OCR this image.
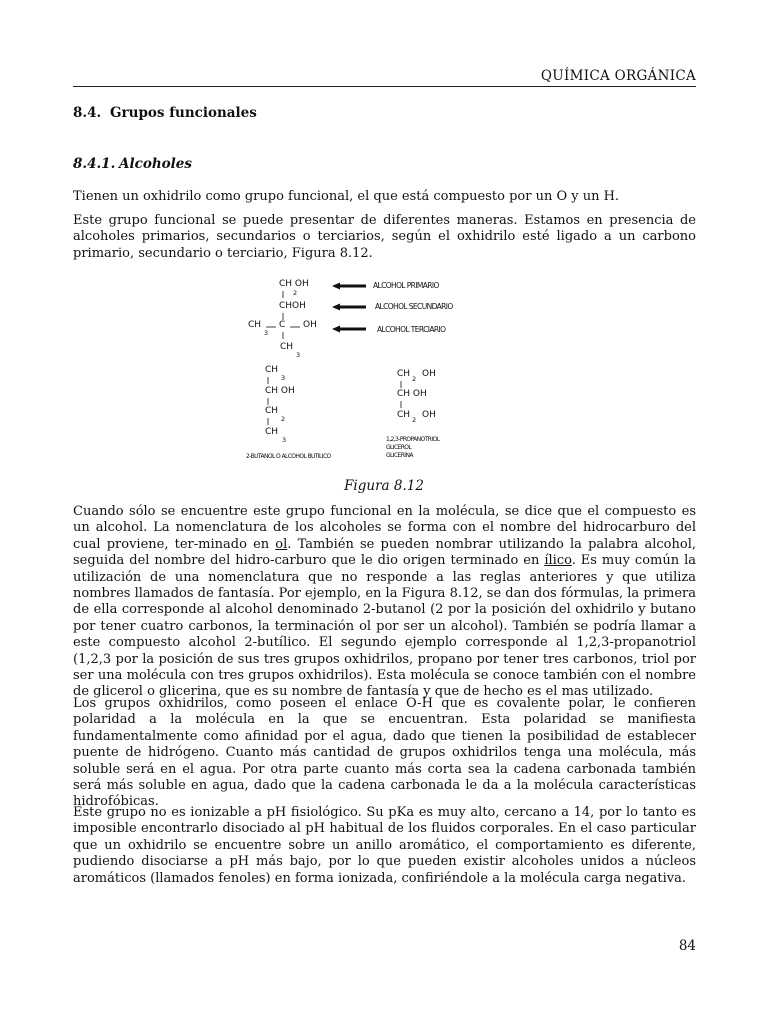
QUÍMICA ORGÁNICA
8.4. Grupos funcionales
8.4.1. Alcoholes

Tienen un oxhidrilo como grupo funcional, el que está compuesto por un O y un H.

Este grupo funcional se puede presentar de diferentes maneras. Estamos en presencia de alcoholes primarios, secundarios o terciarios, según el oxhidrilo esté ligado a un carbono primario, secundario o terciario, Figura 8.12.

CH OH
2
CHOH
CH
3
C OH
CH
3
ALCOHOL PRIMARIO
ALCOHOL SECUNDARIO
ALCOHOL TERCIARIO
CH
3
CH OH
CH
2
CH
3
2-BUTANOL O ALCOHOL BUTILICO
CH 2 OH
CH OH
CH 2 OH
1,2,3-PROPANOTRIOL
GLICEROL
GLICERINA
Figura 8.12

Cuando sólo se encuentre este grupo funcional en la molécula, se dice que el compuesto es un alcohol. La nomenclatura de los alcoholes se forma con el nombre del hidrocarburo del cual proviene, ter-minado en ol. También se pueden nombrar utilizando la palabra alcohol, seguida del nombre del hidro-carburo que le dio origen terminado en ílico. Es muy común la utilización de una nomenclatura que no responde a las reglas anteriores y que utiliza nombres llamados de fantasía. Por ejemplo, en la Figura 8.12, se dan dos fórmulas, la primera de ella corresponde al alcohol denominado 2-butanol (2 por la posición del oxhidrilo y butano por tener cuatro carbonos, la terminación ol por ser un alcohol). También se podría llamar a este compuesto alcohol 2-butílico. El segundo ejemplo corresponde al 1,2,3-propanotriol (1,2,3 por la posición de sus tres grupos oxhidrilos, propano por tener tres carbonos, triol por ser una molécula con tres grupos oxhidrilos). Esta molécula se conoce también con el nombre de glicerol o glicerina, que es su nombre de fantasía y que de hecho es el mas utilizado.

Los grupos oxhidrilos, como poseen el enlace O-H que es covalente polar, le confieren polaridad a la molécula en la que se encuentran. Esta polaridad se manifiesta fundamentalmente como afinidad por el agua, dado que tienen la posibilidad de establecer puente de hidrógeno. Cuanto más cantidad de grupos oxhidrilos tenga una molécula, más soluble será en el agua. Por otra parte cuanto más corta sea la cadena carbonada también será más soluble en agua, dado que la cadena carbonada le da a la molécula características hidrofóbicas.

Este grupo no es ionizable a pH fisiológico. Su pKa es muy alto, cercano a 14, por lo tanto es imposible encontrarlo disociado al pH habitual de los fluidos corporales. En el caso particular que un oxhidrilo se encuentre sobre un anillo aromático, el comportamiento es diferente, pudiendo disociarse a pH más bajo, por lo que pueden existir alcoholes unidos a núcleos aromáticos (llamados fenoles) en forma ionizada, confiriéndole a la molécula carga negativa.

84
